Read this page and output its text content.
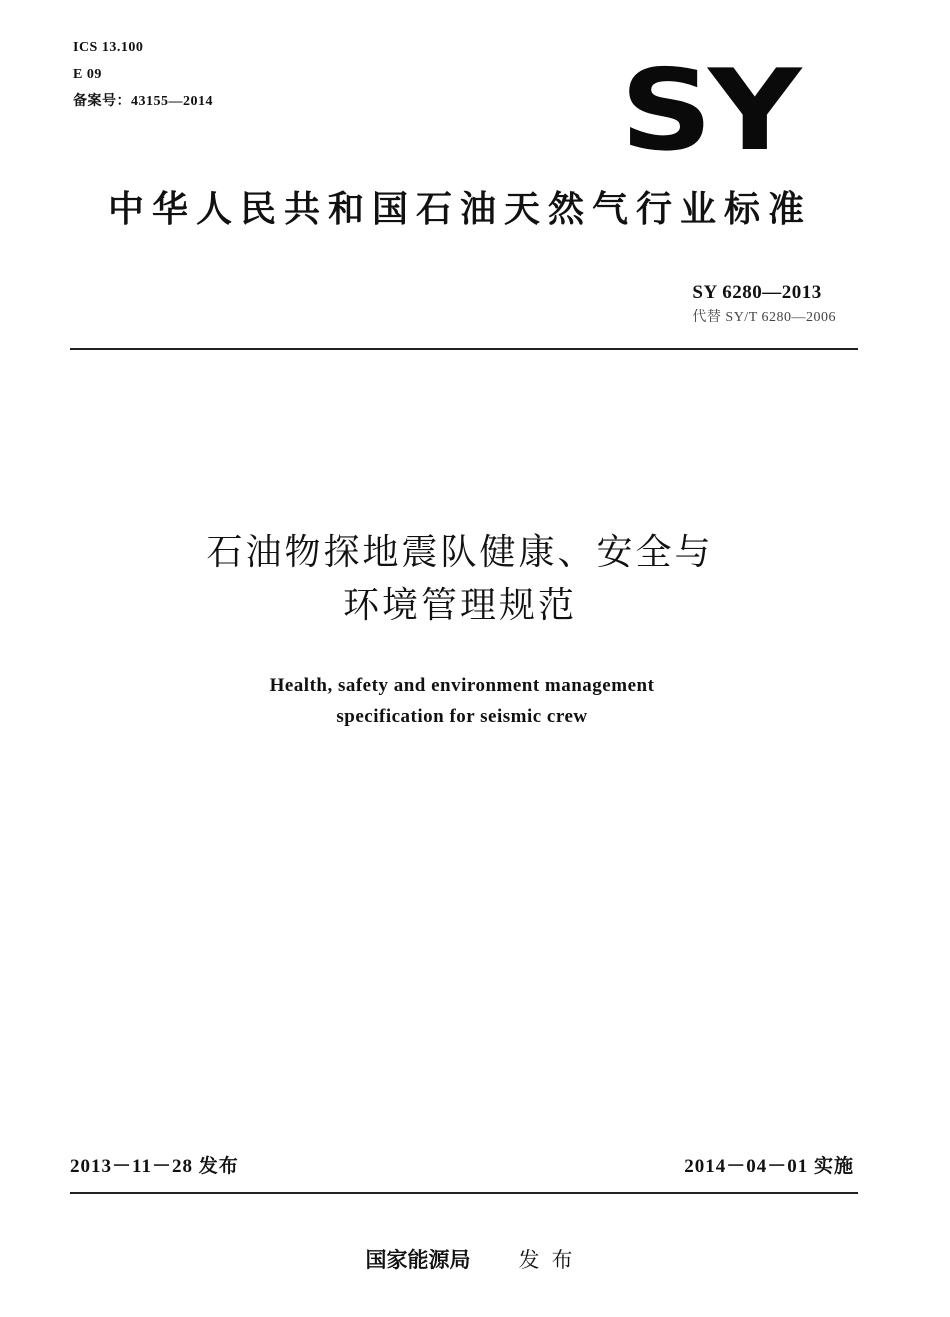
ICS 13.100
E 09
备案号：43155—2014	SY
中华人民共和国石油天然气行业标准
SY 6280—2013
代替 SY/T 6280—2006
石油物探地震队健康、安全与
环境管理规范
Health, safety and environment management
specification for seismic crew
2013－11－28 发布	2014－04－01 实施
国家能源局 发布
